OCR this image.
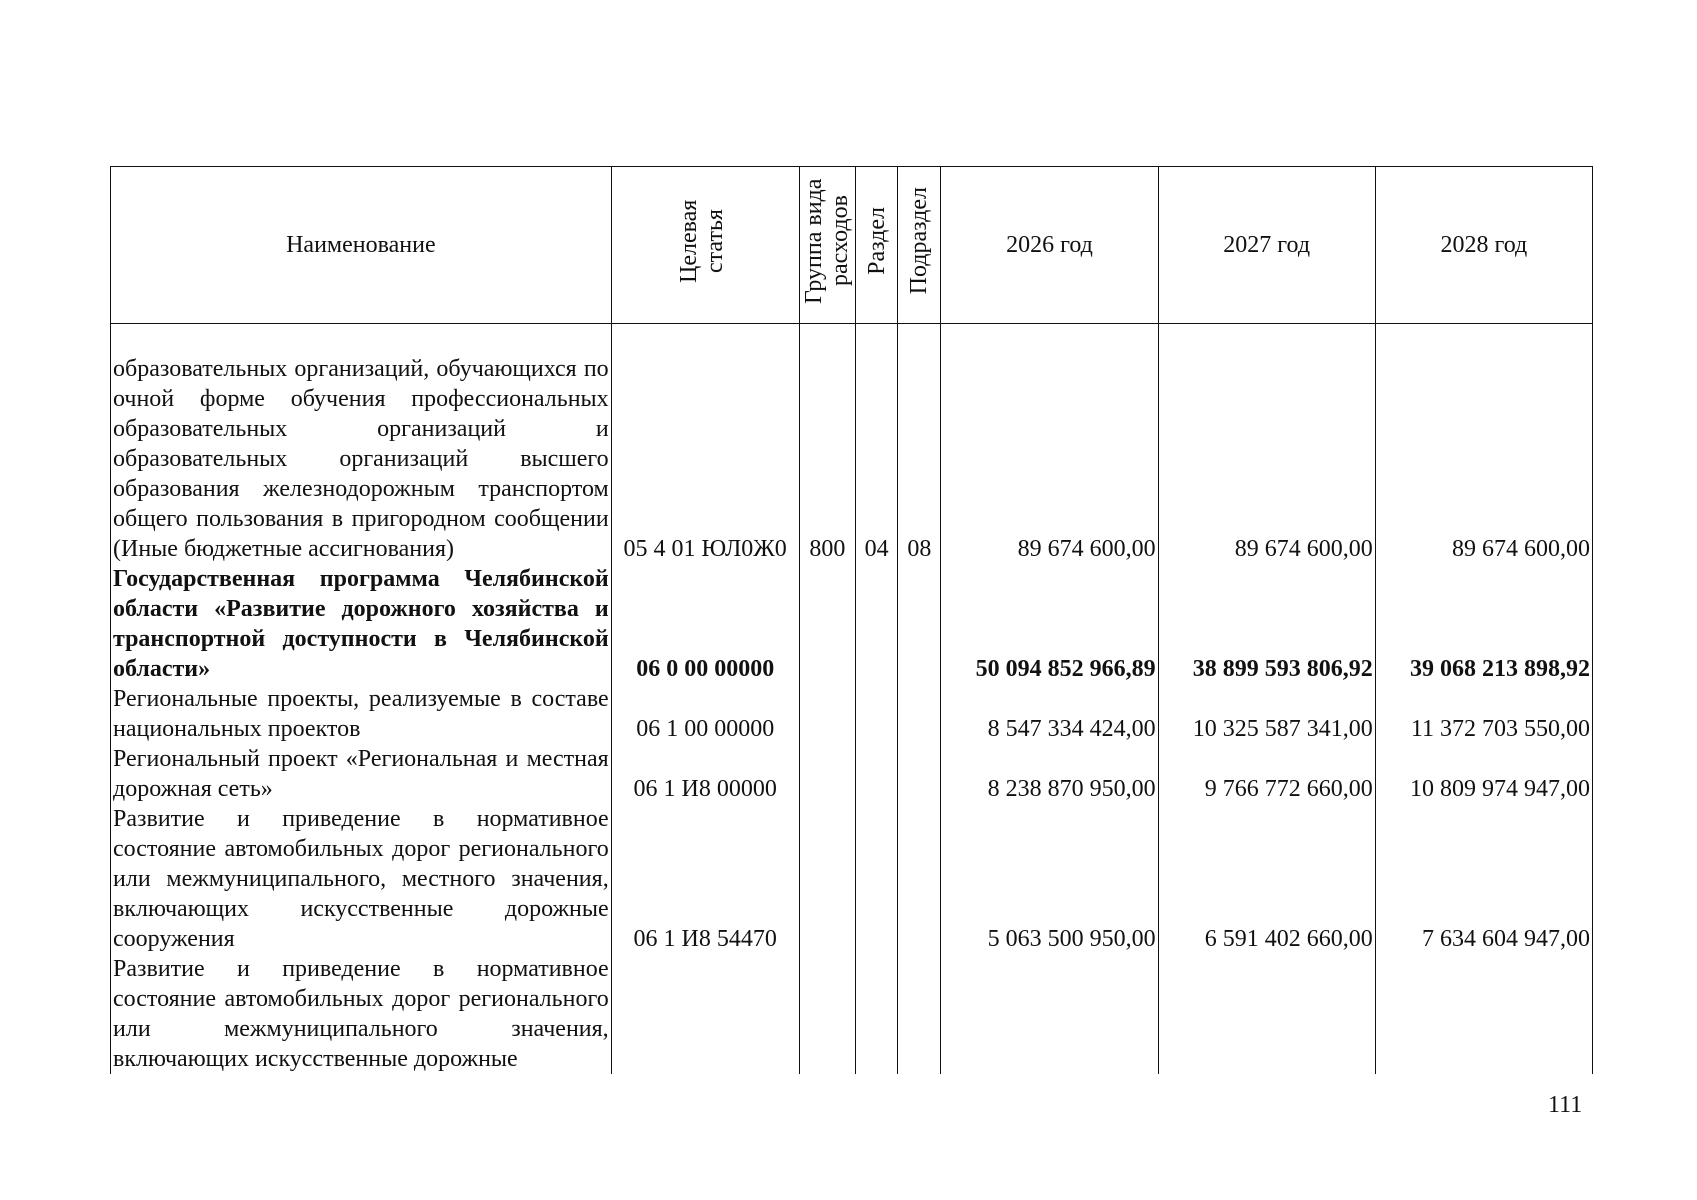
Наименование	Целевая статья	Группа вида расходов	Раздел	Подраздел	2026 год	2027 год	2028 год

образовательных организаций, обучающихся по очной форме обучения профессиональных образовательных организаций и образовательных организаций высшего образования железнодорожным транспортом общего пользования в пригородном сообщении (Иные бюджетные ассигнования)	05 4 01 ЮЛ0Ж0	800	04	08	89 674 600,00	89 674 600,00	89 674 600,00

Государственная программа Челябинской области «Развитие дорожного хозяйства и транспортной доступности в Челябинской области»	06 0 00 00000				50 094 852 966,89	38 899 593 806,92	39 068 213 898,92

Региональные проекты, реализуемые в составе национальных проектов	06 1 00 00000				8 547 334 424,00	10 325 587 341,00	11 372 703 550,00

Региональный проект «Региональная и местная дорожная сеть»	06 1 И8 00000				8 238 870 950,00	9 766 772 660,00	10 809 974 947,00

Развитие и приведение в нормативное состояние автомобильных дорог регионального или межмуниципального, местного значения, включающих искусственные дорожные сооружения	06 1 И8 54470				5 063 500 950,00	6 591 402 660,00	7 634 604 947,00

Развитие и приведение в нормативное состояние автомобильных дорог регионального или межмуниципального значения, включающих искусственные дорожные							

111
